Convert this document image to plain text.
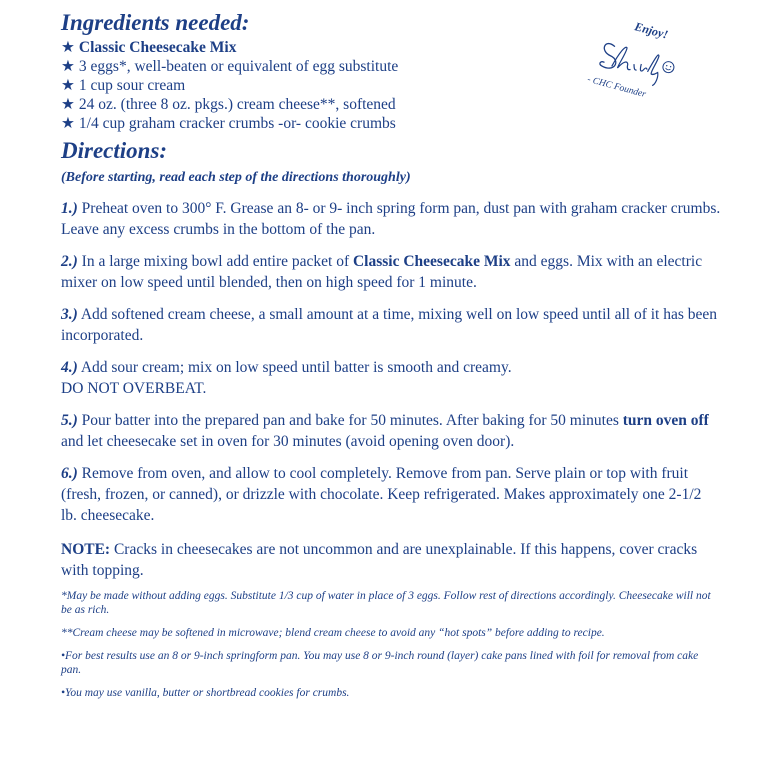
Ingredients needed:
★ Classic Cheesecake Mix
★ 3 eggs*, well-beaten or equivalent of egg substitute
★ 1 cup sour cream
★ 24 oz. (three 8 oz. pkgs.) cream cheese**, softened
★ 1/4 cup graham cracker crumbs -or- cookie crumbs
Directions:

(Before starting, read each step of the directions thoroughly)

1.) Preheat oven to 300° F. Grease an 8- or 9- inch spring form pan, dust pan with graham cracker crumbs. Leave any excess crumbs in the bottom of the pan.

2.) In a large mixing bowl add entire packet of Classic Cheesecake Mix and eggs. Mix with an electric mixer on low speed until blended, then on high speed for 1 minute.

3.) Add softened cream cheese, a small amount at a time, mixing well on low speed until all of it has been incorporated.

4.) Add sour cream; mix on low speed until batter is smooth and creamy.
DO NOT OVERBEAT.

5.) Pour batter into the prepared pan and bake for 50 minutes. After baking for 50 minutes turn oven off and let cheesecake set in oven for 30 minutes (avoid opening oven door).

6.) Remove from oven, and allow to cool completely. Remove from pan. Serve plain or top with fruit (fresh, frozen, or canned), or drizzle with chocolate. Keep refrigerated. Makes approximately one 2-1/2 lb. cheesecake.

NOTE: Cracks in cheesecakes are not uncommon and are unexplainable. If this happens, cover cracks with topping.

*May be made without adding eggs. Substitute 1/3 cup of water in place of 3 eggs. Follow rest of directions accordingly. Cheesecake will not be as rich.

**Cream cheese may be softened in microwave; blend cream cheese to avoid any “hot spots” before adding to recipe.

•For best results use an 8 or 9-inch springform pan. You may use 8 or 9-inch round (layer) cake pans lined with foil for removal from cake pan.

•You may use vanilla, butter or shortbread cookies for crumbs.

Enjoy!
- CHC Founder
